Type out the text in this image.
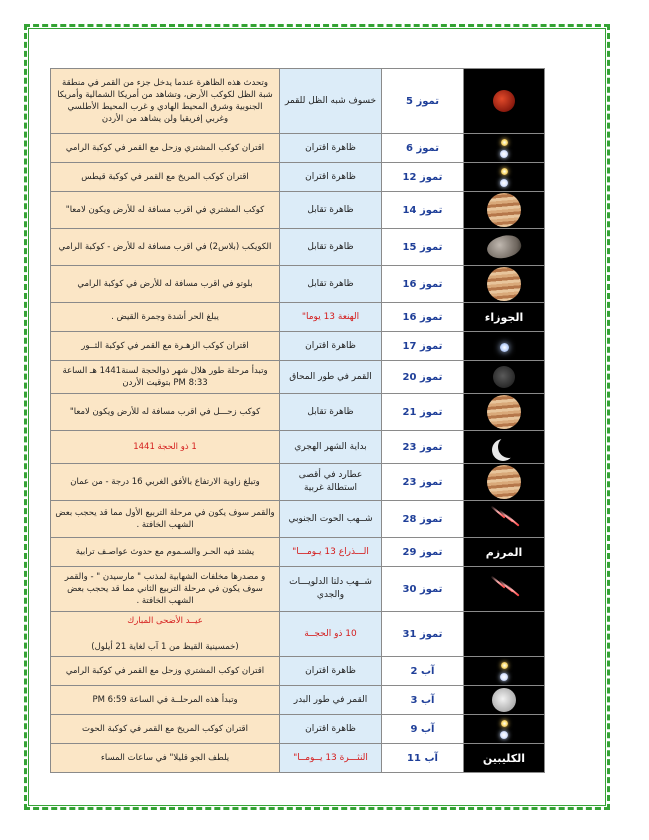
وتحدث هذه الظاهرة عندما يدخل جزء من القمر في منطقة شبة الظل لكوكب الأرض، وتشاهد من أمريكا الشمالية وأمريكا الجنوبية وشرق المحيط الهادي و غرب المحيط الأطلسي وغربي إفريقيا ولن يشاهد من الأردن	خسوف شبه الظل للقمر	تموز 5	
اقتران كوكب المشتري وزحل مع القمر في كوكبة الرامي	ظاهرة اقتران	تموز 6	

اقتران كوكب المريخ مع القمر في كوكبة قيطس	ظاهرة اقتران	تموز 12	

كوكب المشتري في اقرب مسافة له للأرض ويكون لامعا"	ظاهرة تقابل	تموز 14	
الكويكب (بلاس2) في اقرب مسافة له للأرض - كوكبة الرامي	ظاهرة تقابل	تموز 15	
بلوتو في اقرب مسافة له للأرض في كوكبة الرامي	ظاهرة تقابل	تموز 16	
يبلغ الحر أشدة وجمرة القيض .	الهنعة 13 يوما"	تموز 16	الجوزاء

اقتران كوكب الزهـرة مع القمر في كوكبة الثــور	ظاهرة اقتران	تموز 17	
وتبدأ مرحلة طور هلال شهر ذوالحجة لسنة1441 هـ الساعة 8:33 PM بتوقيت الأردن	القمر في طور المحاق	تموز 20	
كوكب زحـــل في اقرب مسافة له للأرض ويكون لامعا"	ظاهرة تقابل	تموز 21	
1 ذو الحجة 1441	بداية الشهر الهجري	تموز 23	
وتبلغ زاوية الارتفاع بالأفق الغربي 16 درجة - من عمان	عطارد في أقصى استطالة غربية	تموز 23	
والقمر سوف يكون في مرحلة التربيع الأول مما قد يحجب بعض الشهب الخافتة .	شــهب الحوت الجنوبي	تموز 28	

يشتد فيه الحـر والسـموم مع حدوث عواصـف ترابية	الـــذراع 13 يـومـــا"	تموز 29	المرزم

و مصدرها مخلفات الشهابية لمذنب " مارسيدن " - والقمر سوف يكون في مرحلة التربيع الثاني مما قد يحجب بعض الشهب الخافتة .	شــهب دلتا الدلويـــات والجدي	تموز 30	

عيــد الأضحى المبارك
(خمسينية القيظ من 1 آب لغاية 21 أيلول)	10 ذو الحجــة	تموز 31	
اقتران كوكب المشتري وزحل مع القمر في كوكبة الرامي	ظاهرة اقتران	آب 2	

وتبدأ هذه المرحلــة في الساعة 6:59 PM	القمر في طور البدر	آب 3	
اقتران كوكب المريخ مع القمر في كوكبة الحوت	ظاهرة اقتران	آب 9	

يلطف الجو قليلا" في ساعات المساء	النثـــرة 13 يــومــا"	آب 11	الكليبين
